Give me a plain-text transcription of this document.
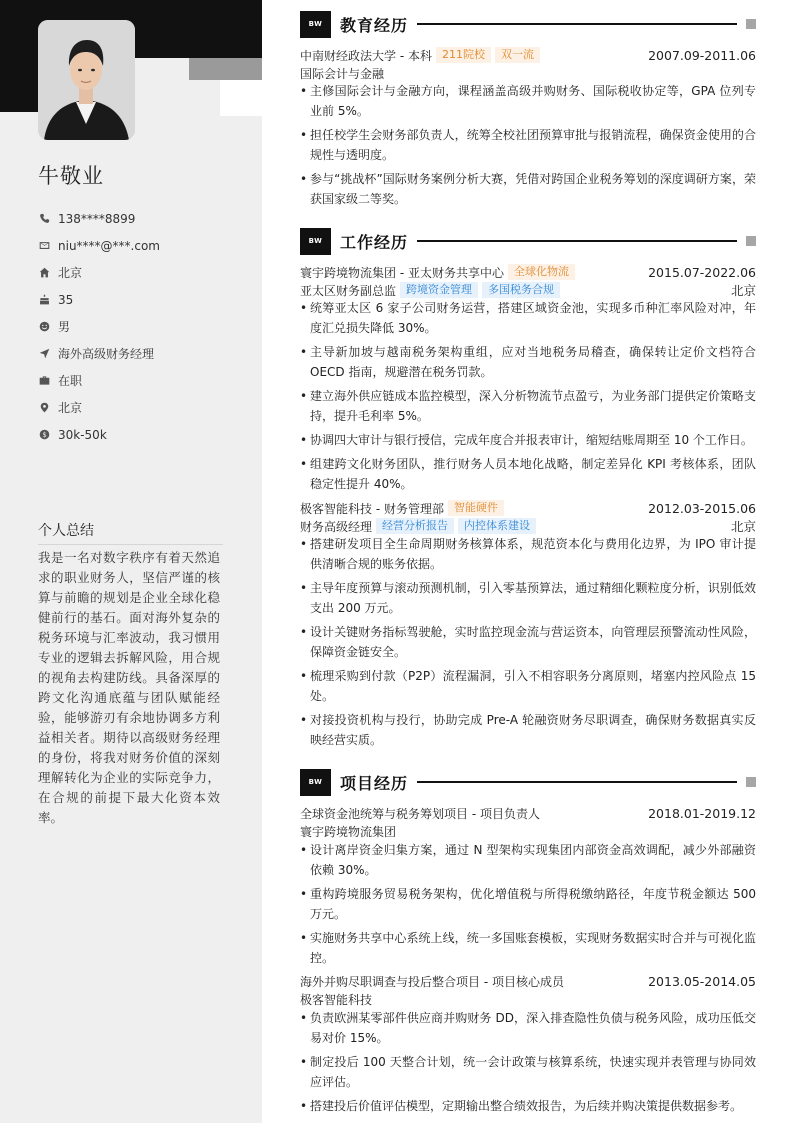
牛敬业
138****8899
niu****@***.com
北京
35
男
海外高级财务经理
在职
北京
$ 30k-50k
个人总结
我是一名对数字秩序有着天然追求的职业财务人，坚信严谨的核算与前瞻的规划是企业全球化稳健前行的基石。面对海外复杂的税务环境与汇率波动，我习惯用专业的逻辑去拆解风险，用合规的视角去构建防线。具备深厚的跨文化沟通底蕴与团队赋能经验，能够游刃有余地协调多方利益相关者。期待以高级财务经理的身份，将我对财务价值的深刻理解转化为企业的实际竞争力，在合规的前提下最大化资本效率。
BW	教育经历
中南财经政法大学 - 本科 211院校	双一流	2007.09-2011.06
国际会计与金融
• 主修国际会计与金融方向，课程涵盖高级并购财务、国际税收协定等，GPA 位列专业前 5%。
• 担任校学生会财务部负责人，统筹全校社团预算审批与报销流程，确保资金使用的合规性与透明度。
• 参与“挑战杯”国际财务案例分析大赛，凭借对跨国企业税务筹划的深度调研方案，荣获国家级二等奖。
BW	工作经历
寰宇跨境物流集团 - 亚太财务共享中心 全球化物流	2015.07-2022.06
亚太区财务副总监 跨境资金管理	多国税务合规	北京
• 统筹亚太区 6 家子公司财务运营，搭建区域资金池，实现多币种汇率风险对冲，年度汇兑损失降低 30%。
• 主导新加坡与越南税务架构重组，应对当地税务局稽查，确保转让定价文档符合 OECD 指南，规避潜在税务罚款。
• 建立海外供应链成本监控模型，深入分析物流节点盈亏，为业务部门提供定价策略支持，提升毛利率 5%。
• 协调四大审计与银行授信，完成年度合并报表审计，缩短结账周期至 10 个工作日。
• 组建跨文化财务团队，推行财务人员本地化战略，制定差异化 KPI 考核体系，团队稳定性提升 40%。
极客智能科技 - 财务管理部 智能硬件	2012.03-2015.06
财务高级经理 经营分析报告	内控体系建设	北京
• 搭建研发项目全生命周期财务核算体系，规范资本化与费用化边界，为 IPO 审计提供清晰合规的账务依据。
• 主导年度预算与滚动预测机制，引入零基预算法，通过精细化颗粒度分析，识别低效支出 200 万元。
• 设计关键财务指标驾驶舱，实时监控现金流与营运资本，向管理层预警流动性风险，保障资金链安全。
• 梳理采购到付款（P2P）流程漏洞，引入不相容职务分离原则，堵塞内控风险点 15 处。
• 对接投资机构与投行，协助完成 Pre-A 轮融资财务尽职调查，确保财务数据真实反映经营实质。
BW	项目经历
全球资金池统筹与税务筹划项目 - 项目负责人	2018.01-2019.12
寰宇跨境物流集团
• 设计离岸资金归集方案，通过 N 型架构实现集团内部资金高效调配，减少外部融资依赖 30%。
• 重构跨境服务贸易税务架构，优化增值税与所得税缴纳路径，年度节税金额达 500 万元。
• 实施财务共享中心系统上线，统一多国账套模板，实现财务数据实时合并与可视化监控。
海外并购尽职调查与投后整合项目 - 项目核心成员	2013.05-2014.05
极客智能科技
• 负责欧洲某零部件供应商并购财务 DD，深入排查隐性负债与税务风险，成功压低交易对价 15%。
• 制定投后 100 天整合计划，统一会计政策与核算系统，快速实现并表管理与协同效应评估。
• 搭建投后价值评估模型，定期输出整合绩效报告，为后续并购决策提供数据参考。
